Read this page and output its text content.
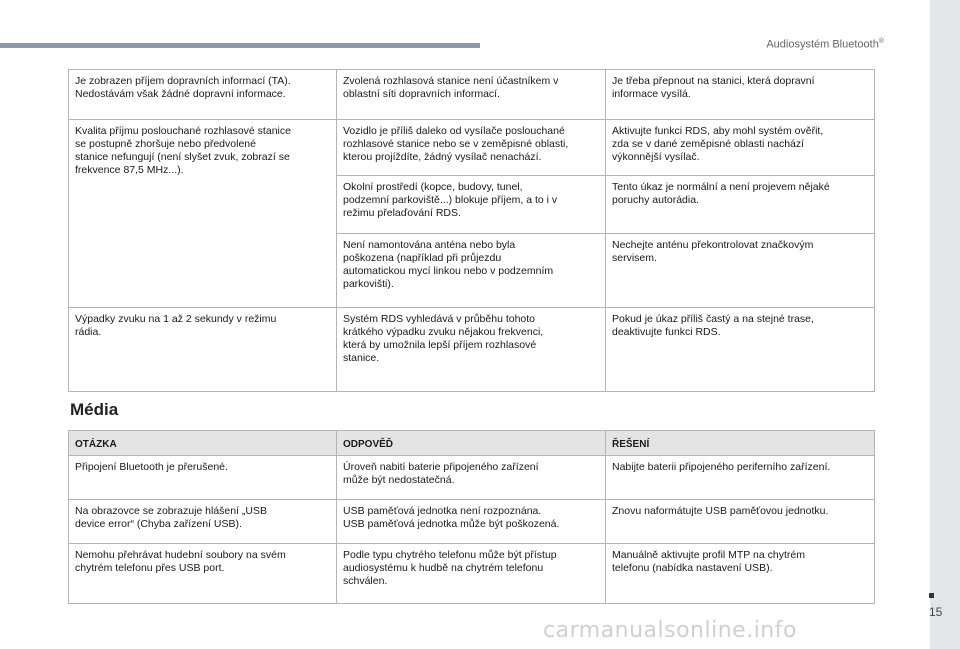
Audiosystém Bluetooth®
Je zobrazen příjem dopravních informací (TA).
Nedostávám však žádné dopravní informace.	Zvolená rozhlasová stanice není účastníkem v
oblastní síti dopravních informací.	Je třeba přepnout na stanici, která dopravní
informace vysílá.

Kvalita příjmu poslouchané rozhlasové stanice
se postupně zhoršuje nebo předvolené
stanice nefungují (není slyšet zvuk, zobrazí se
frekvence 87,5 MHz...).	Vozidlo je příliš daleko od vysílače poslouchané
rozhlasové stanice nebo se v zeměpisné oblasti,
kterou projíždíte, žádný vysílač nenachází.	Aktivujte funkci RDS, aby mohl systém ověřit,
zda se v dané zeměpisné oblasti nachází
výkonnější vysílač.

	Okolní prostředí (kopce, budovy, tunel,
podzemní parkoviště...) blokuje příjem, a to i v
režimu přelaďování RDS.	Tento úkaz je normální a není projevem nějaké
poruchy autorádia.

	Není namontována anténa nebo byla
poškozena (například při průjezdu
automatickou mycí linkou nebo v podzemním
parkovišti).	Nechejte anténu překontrolovat značkovým
servisem.

Výpadky zvuku na 1 až 2 sekundy v režimu
rádia.	Systém RDS vyhledává v průběhu tohoto
krátkého výpadku zvuku nějakou frekvenci,
která by umožnila lepší příjem rozhlasové
stanice.	Pokud je úkaz příliš častý a na stejné trase,
deaktivujte funkci RDS.
Média
OTÁZKA	ODPOVĚĎ	ŘEŠENÍ

Připojení Bluetooth je přerušené.	Úroveň nabití baterie připojeného zařízení
může být nedostatečná.	Nabijte baterii připojeného periferního zařízení.

Na obrazovce se zobrazuje hlášení „USB
device error“ (Chyba zařízení USB).	USB paměťová jednotka není rozpoznána.
USB paměťová jednotka může být poškozená.	Znovu naformátujte USB paměťovou jednotku.

Nemohu přehrávat hudební soubory na svém
chytrém telefonu přes USB port.	Podle typu chytrého telefonu může být přístup
audiosystému k hudbě na chytrém telefonu
schválen.	Manuálně aktivujte profil MTP na chytrém
telefonu (nabídka nastavení USB).
15
carmanualsonline.info
